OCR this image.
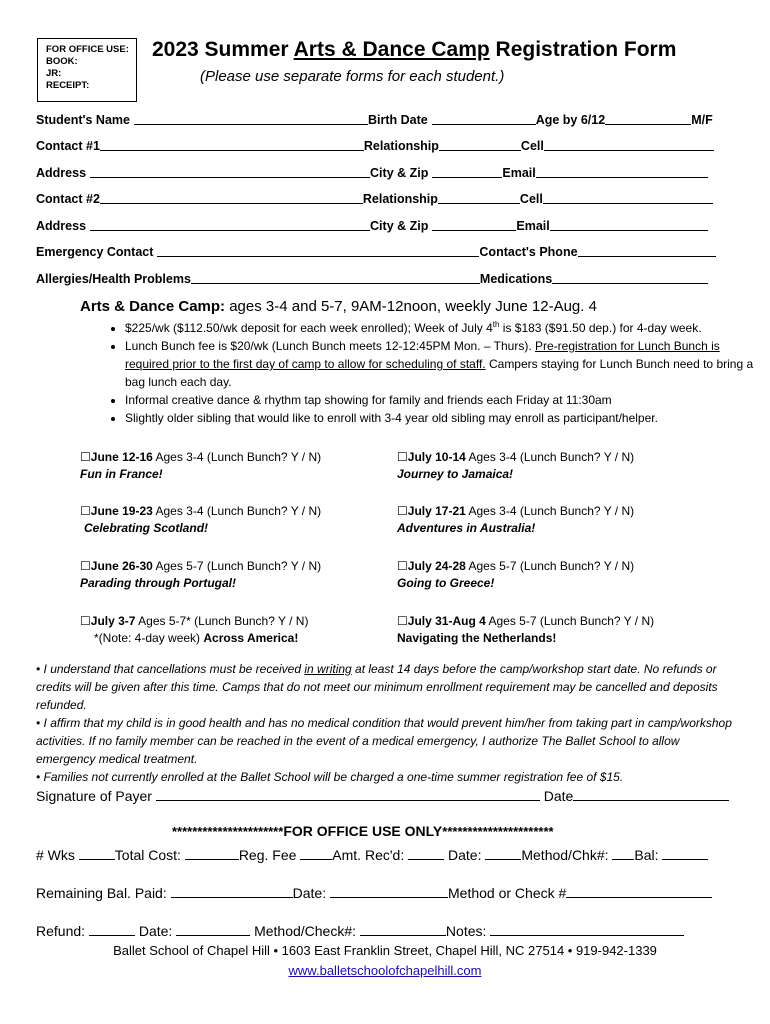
FOR OFFICE USE:
BOOK:
JR:
RECEIPT:
2023 Summer Arts & Dance Camp Registration Form
(Please use separate forms for each student.)
Student's Name	Birth Date	Age by 6/12	M/F
Contact #1	Relationship	Cell
Address	City & Zip	Email
Contact #2	Relationship	Cell
Address	City & Zip	Email
Emergency Contact	Contact's Phone
Allergies/Health Problems	Medications
Arts & Dance Camp: ages 3-4 and 5-7, 9AM-12noon, weekly June 12-Aug. 4
• $225/wk ($112.50/wk deposit for each week enrolled); Week of July 4th is $183 ($91.50 dep.) for 4-day week.
• Lunch Bunch fee is $20/wk (Lunch Bunch meets 12-12:45PM Mon. – Thurs). Pre-registration for Lunch Bunch is required prior to the first day of camp to allow for scheduling of staff. Campers staying for Lunch Bunch need to bring a bag lunch each day.
• Informal creative dance & rhythm tap showing for family and friends each Friday at 11:30am
• Slightly older sibling that would like to enroll with 3-4 year old sibling may enroll as participant/helper.
☐June 12-16 Ages 3-4 (Lunch Bunch? Y / N)
Fun in France!
☐July 10-14 Ages 3-4 (Lunch Bunch? Y / N)
Journey to Jamaica!
☐June 19-23 Ages 3-4 (Lunch Bunch? Y / N)
Celebrating Scotland!
☐July 17-21 Ages 3-4 (Lunch Bunch? Y / N)
Adventures in Australia!
☐June 26-30 Ages 5-7 (Lunch Bunch? Y / N)
Parading through Portugal!
☐July 24-28 Ages 5-7 (Lunch Bunch? Y / N)
Going to Greece!
☐July 3-7 Ages 5-7* (Lunch Bunch? Y / N)
*(Note: 4-day week) Across America!
☐July 31-Aug 4 Ages 5-7 (Lunch Bunch? Y / N)
Navigating the Netherlands!
• I understand that cancellations must be received in writing at least 14 days before the camp/workshop start date. No refunds or credits will be given after this time. Camps that do not meet our minimum enrollment requirement may be cancelled and deposits refunded.
• I affirm that my child is in good health and has no medical condition that would prevent him/her from taking part in camp/workshop activities. If no family member can be reached in the event of a medical emergency, I authorize The Ballet School to allow emergency medical treatment.
• Families not currently enrolled at the Ballet School will be charged a one-time summer registration fee of $15.
Signature of Payer	Date
**********************FOR OFFICE USE ONLY**********************
# Wks	Total Cost:	Reg. Fee	Amt. Rec'd:	Date:	Method/Chk#: Bal:
Remaining Bal. Paid:	Date:	Method or Check #
Refund:	Date:	Method/Check#:	Notes:
Ballet School of Chapel Hill • 1603 East Franklin Street, Chapel Hill, NC 27514 • 919-942-1339
www.balletschoolofchapelhill.com
